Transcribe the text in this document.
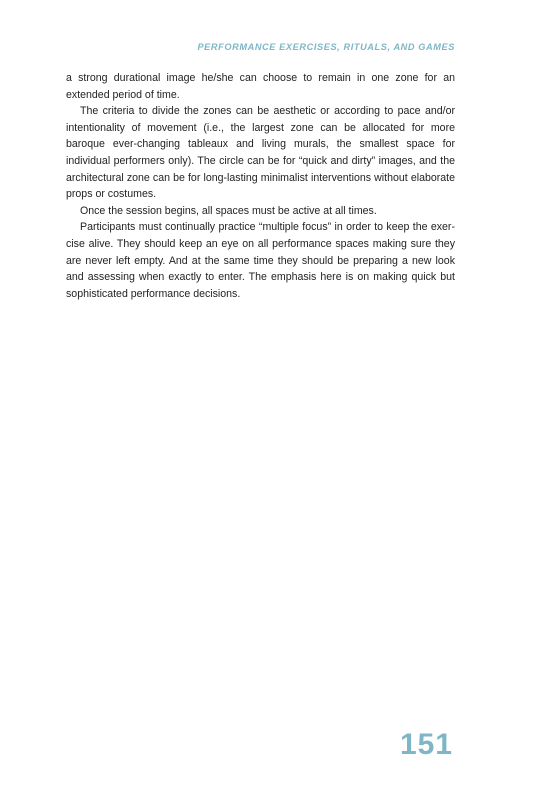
PERFORMANCE EXERCISES, RITUALS, AND GAMES

a strong durational image he/she can choose to remain in one zone for an extended period of time.

The criteria to divide the zones can be aesthetic or according to pace and/or intentionality of movement (i.e., the largest zone can be allocated for more baroque ever-changing tableaux and living murals, the smallest space for individual performers only). The circle can be for “quick and dirty” images, and the architectural zone can be for long-lasting minimalist interventions without elaborate props or costumes.

Once the session begins, all spaces must be active at all times.

Participants must continually practice “multiple focus” in order to keep the exercise alive. They should keep an eye on all performance spaces making sure they are never left empty. And at the same time they should be preparing a new look and assessing when exactly to enter. The emphasis here is on making quick but sophisticated performance decisions.

151
